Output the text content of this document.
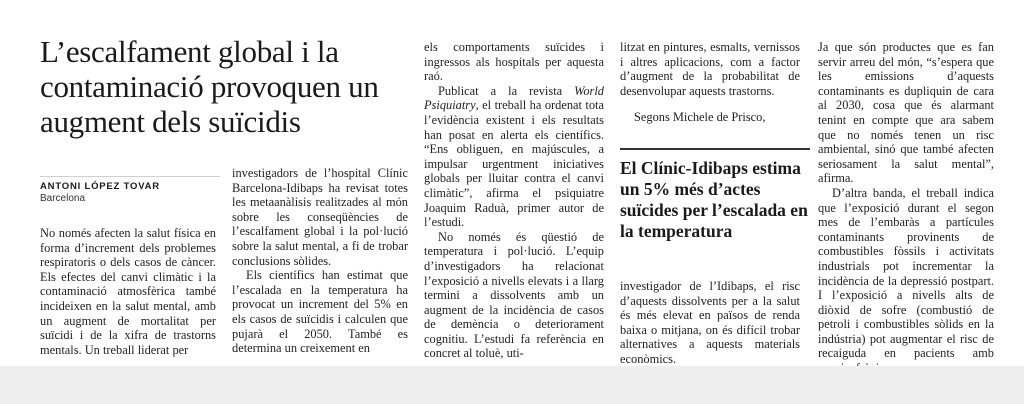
L’escalfament global i la contaminació provoquen un augment dels suïcidis
ANTONI LÓPEZ TOVAR
Barcelona

No només afecten la salut física en forma d’increment dels problemes respiratoris o dels casos de càncer. Els efectes del canvi climàtic i la contaminació atmosfèrica també incideixen en la salut mental, amb un augment de mortalitat per suïcidi i de la xifra de trastorns mentals. Un treball liderat per

investigadors de l’hospital Clínic Barcelona-Idibaps ha revisat totes les metaanàlisis realitzades al món sobre les conseqüències de l’escalfament global i la pol·lució sobre la salut mental, a fi de trobar conclusions sòlides.

Els científics han estimat que l’escalada en la temperatura ha provocat un increment del 5% en els casos de suïcidis i calculen que pujarà el 2050. També es determina un creixement en

els comportaments suïcides i ingressos als hospitals per aquesta raó.

Publicat a la revista World Psiquiatry, el treball ha ordenat tota l’evidència existent i els resultats han posat en alerta els científics. “Ens obliguen, en majúscules, a impulsar urgentment iniciatives globals per lluitar contra el canvi climàtic”, afirma el psiquiatre Joaquim Raduà, primer autor de l’estudi.

No només és qüestió de temperatura i pol·lució. L’equip d’investigadors ha relacionat l’exposició a nivells elevats i a llarg termini a dissolvents amb un augment de la incidència de casos de demència o deteriorament cognitiu. L’estudi fa referència en concret al toluè, uti-

litzat en pintures, esmalts, vernissos i altres aplicacions, com a factor d’augment de la probabilitat de desenvolupar aquests trastorns.

Segons Michele de Prisco,

El Clínic-Idibaps estima un 5% més d’actes suïcides per l’escalada en la temperatura

investigador de l’Idibaps, el risc d’aquests dissolvents per a la salut és més elevat en països de renda baixa o mitjana, on és difícil trobar alternatives a aquests materials econòmics.

Ja que són productes que es fan servir arreu del món, “s’espera que les emissions d’aquests contaminants es dupliquin de cara al 2030, cosa que és alarmant tenint en compte que ara sabem que no només tenen un risc ambiental, sinó que també afecten seriosament la salut mental”, afirma.

D’altra banda, el treball indica que l’exposició durant el segon mes de l’embaràs a partícules contaminants provinents de combustibles fòssils i activitats industrials pot incrementar la incidència de la depressió postpart. I l’exposició a nivells alts de diòxid de sofre (combustió de petroli i combustibles sòlids en la indústria) pot augmentar el risc de recaiguda en pacients amb
